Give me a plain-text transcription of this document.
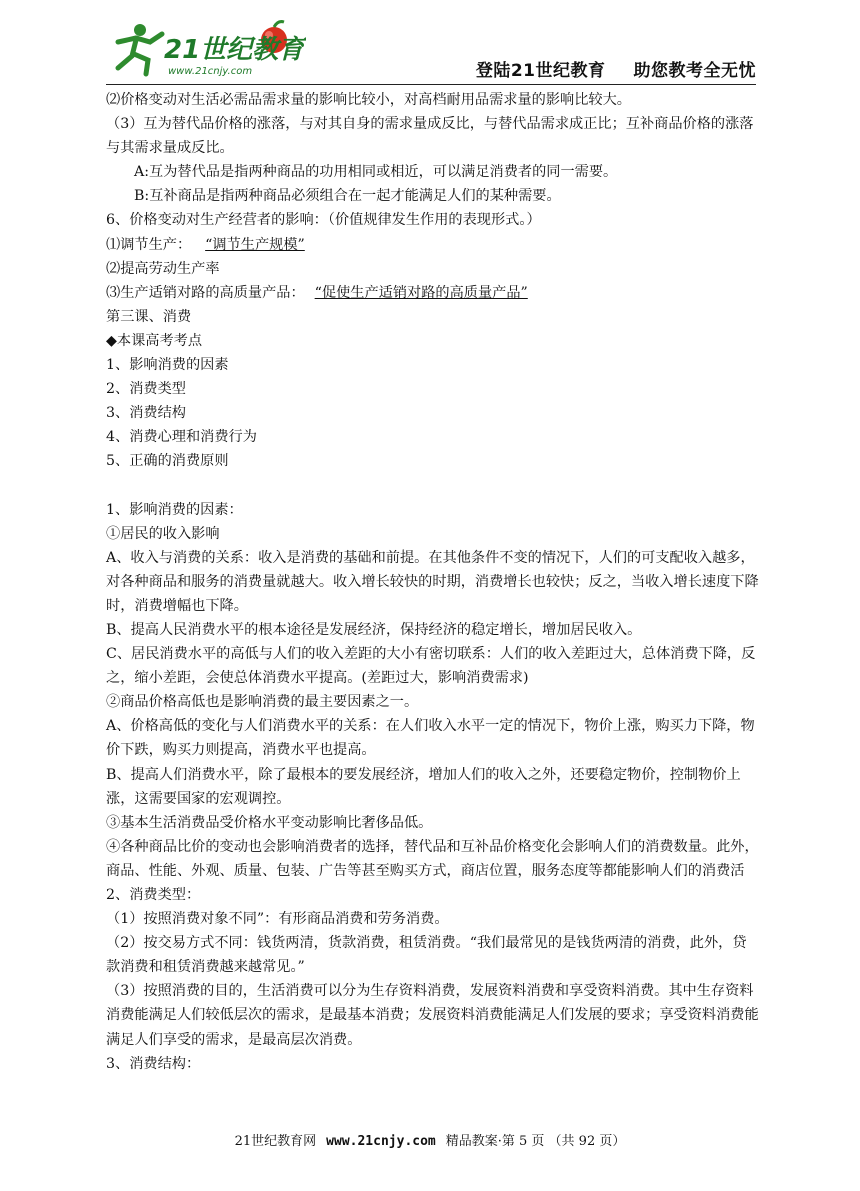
21世纪教育
www.21cnjy.com	登陆21世纪教育 助您教考全无忧

⑵价格变动对生活必需品需求量的影响比较小，对高档耐用品需求量的影响比较大。

（3）互为替代品价格的涨落，与对其自身的需求量成反比，与替代品需求成正比；互补商品价格的涨落与其需求量成反比。

A:互为替代品是指两种商品的功用相同或相近，可以满足消费者的同一需要。

B:互补商品是指两种商品必须组合在一起才能满足人们的某种需要。

6、价格变动对生产经营者的影响：（价值规律发生作用的表现形式。）

⑴调节生产： “调节生产规模”

⑵提高劳动生产率

⑶生产适销对路的高质量产品： “促使生产适销对路的高质量产品”

第三课、消费

◆本课高考考点

1、影响消费的因素

2、消费类型

3、消费结构

4、消费心理和消费行为

5、正确的消费原则

1、影响消费的因素：

①居民的收入影响

A、收入与消费的关系：收入是消费的基础和前提。在其他条件不变的情况下，人们的可支配收入越多，对各种商品和服务的消费量就越大。收入增长较快的时期，消费增长也较快；反之，当收入增长速度下降时，消费增幅也下降。

B、提高人民消费水平的根本途径是发展经济，保持经济的稳定增长，增加居民收入。

C、居民消费水平的高低与人们的收入差距的大小有密切联系：人们的收入差距过大，总体消费下降，反之，缩小差距，会使总体消费水平提高。(差距过大，影响消费需求)

②商品价格高低也是影响消费的最主要因素之一。

A、价格高低的变化与人们消费水平的关系：在人们收入水平一定的情况下，物价上涨，购买力下降，物价下跌，购买力则提高，消费水平也提高。

B、提高人们消费水平，除了最根本的要发展经济，增加人们的收入之外，还要稳定物价，控制物价上涨，这需要国家的宏观调控。

③基本生活消费品受价格水平变动影响比奢侈品低。

④各种商品比价的变动也会影响消费者的选择，替代品和互补品价格变化会影响人们的消费数量。此外，商品、性能、外观、质量、包装、广告等甚至购买方式，商店位置，服务态度等都能影响人们的消费活

2、消费类型：

（1）按照消费对象不同”：有形商品消费和劳务消费。

（2）按交易方式不同：钱货两清，货款消费，租赁消费。“我们最常见的是钱货两清的消费，此外，贷款消费和租赁消费越来越常见。”

（3）按照消费的目的，生活消费可以分为生存资料消费，发展资料消费和享受资料消费。其中生存资料消费能满足人们较低层次的需求，是最基本消费；发展资料消费能满足人们发展的要求；享受资料消费能满足人们享受的需求，是最高层次消费。

3、消费结构：

21世纪教育网 www.21cnjy.com 精品教案·第 5 页 （共 92 页）
